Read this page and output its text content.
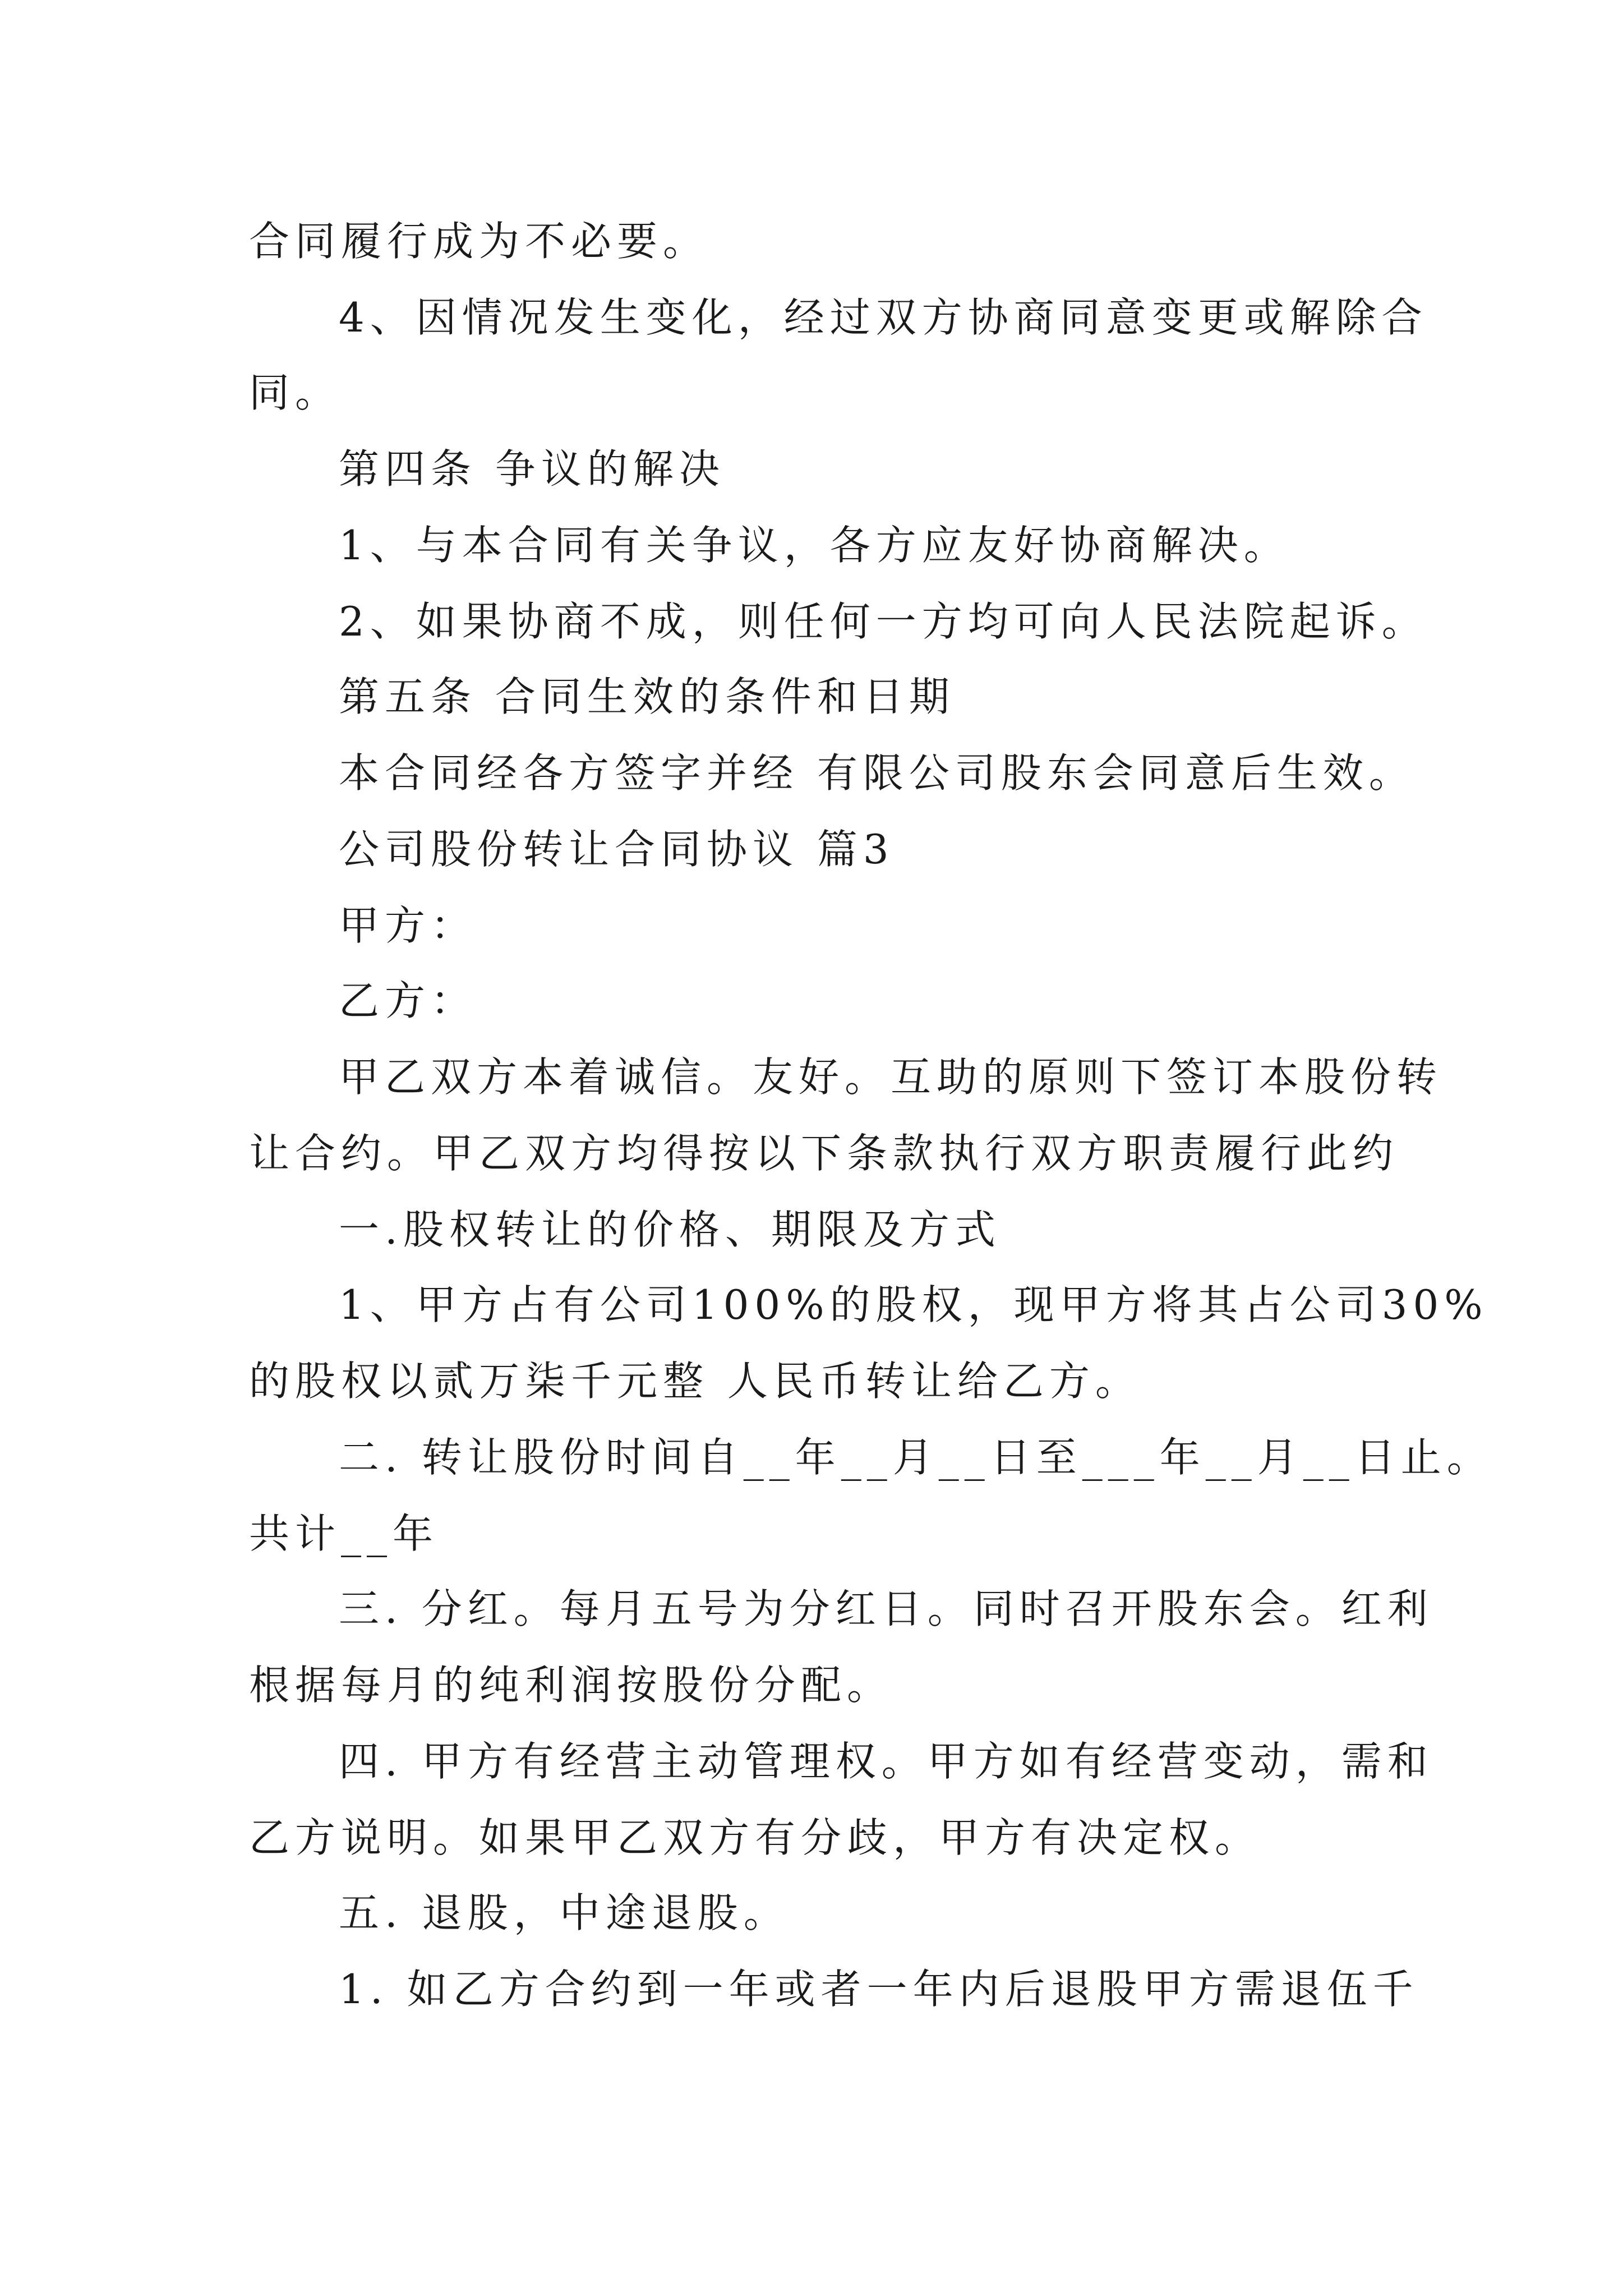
合同履行成为不必要。
4、因情况发生变化，经过双方协商同意变更或解除合
同。
第四条 争议的解决
1、与本合同有关争议，各方应友好协商解决。
2、如果协商不成，则任何一方均可向人民法院起诉。
第五条 合同生效的条件和日期
本合同经各方签字并经 有限公司股东会同意后生效。
公司股份转让合同协议 篇3
甲方：
乙方：
甲乙双方本着诚信。友好。互助的原则下签订本股份转
让合约。甲乙双方均得按以下条款执行双方职责履行此约
一.股权转让的价格、期限及方式
1、甲方占有公司100%的股权，现甲方将其占公司30%
的股权以贰万柒千元整 人民币转让给乙方。
二. 转让股份时间自__年__月__日至___年__月__日止。
共计__年
三. 分红。每月五号为分红日。同时召开股东会。红利
根据每月的纯利润按股份分配。
四. 甲方有经营主动管理权。甲方如有经营变动，需和
乙方说明。如果甲乙双方有分歧，甲方有决定权。
五. 退股，中途退股。
1. 如乙方合约到一年或者一年内后退股甲方需退伍千
